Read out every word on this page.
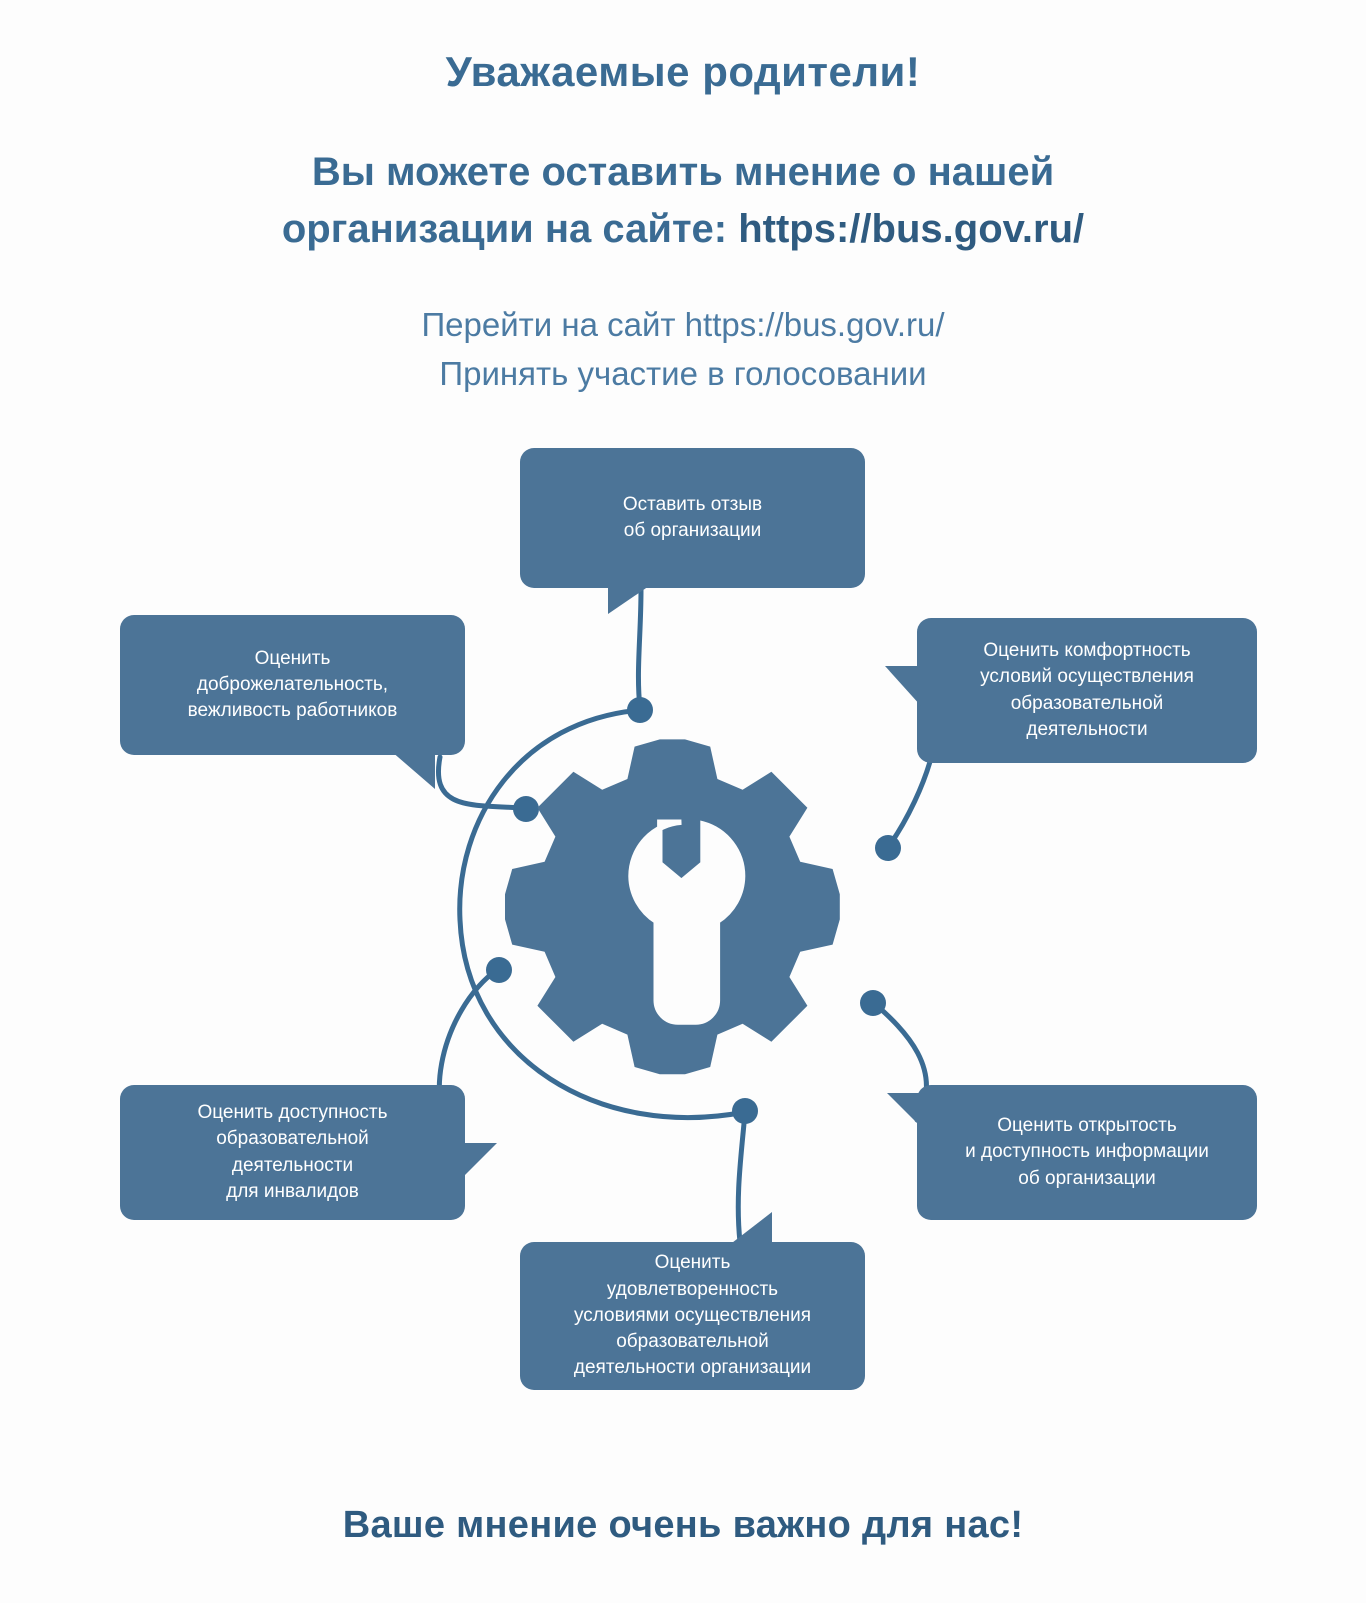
Уважаемые родители!
Вы можете оставить мнение о нашей
организации на сайте: https://bus.gov.ru/
Перейти на сайт https://bus.gov.ru/
Принять участие в голосовании
Оставить отзыв
об организации
Оценить комфортность
условий осуществления
образовательной
деятельности
Оценить
доброжелательность,
вежливость работников
Оценить доступность
образовательной
деятельности
для инвалидов
Оценить открытость
и доступность информации
об организации
Оценить
удовлетворенность
условиями осуществления
образовательной
деятельности организации
Ваше мнение очень важно для нас!
